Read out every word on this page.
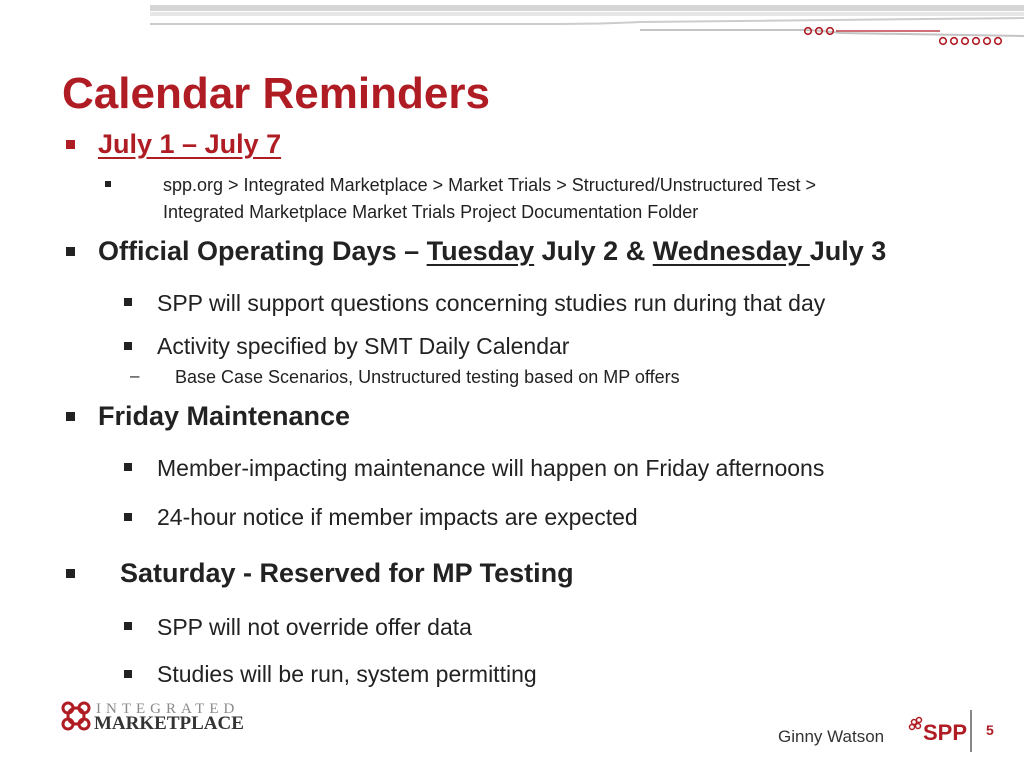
Calendar Reminders
July 1 – July 7
spp.org > Integrated Marketplace > Market Trials > Structured/Unstructured Test >
Integrated Marketplace Market Trials Project Documentation Folder
Official Operating Days – Tuesday July 2 & Wednesday July 3
SPP will support questions concerning studies run during that day
Activity specified by SMT Daily Calendar
– Base Case Scenarios, Unstructured testing based on MP offers
Friday Maintenance
Member-impacting maintenance will happen on Friday afternoons
24-hour notice if member impacts are expected
Saturday - Reserved for MP Testing
SPP will not override offer data
Studies will be run, system permitting
INTEGRATED
MARKETPLACE
Ginny Watson SPP 5
